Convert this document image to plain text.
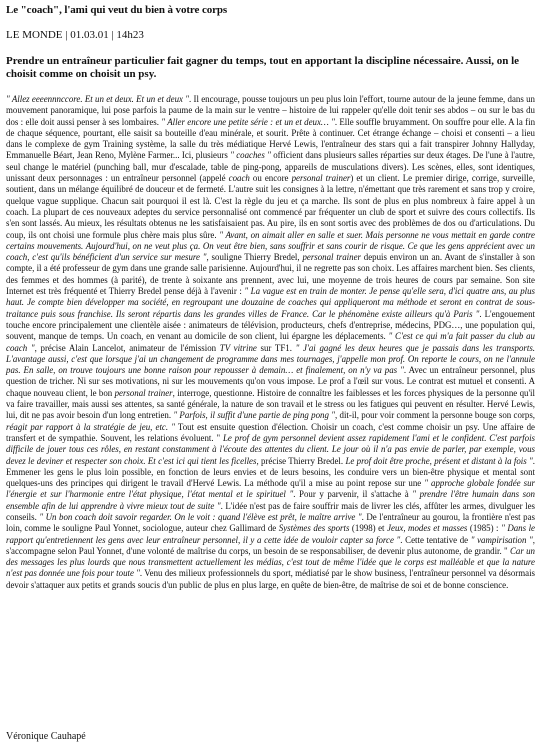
Le "coach", l'ami qui veut du bien à votre corps
LE MONDE | 01.03.01 | 14h23
Prendre un entraîneur particulier fait gagner du temps, tout en apportant la discipline nécessaire. Aussi, on le choisit comme on choisit un psy.

" Allez eeeennnccore. Et un et deux. Et un et deux ". Il encourage, pousse toujours un peu plus loin l'effort, tourne autour de la jeune femme, dans un mouvement panoramique, lui pose parfois la paume de la main sur le ventre – histoire de lui rappeler qu'elle doit tenir ses abdos – ou sur le bas du dos : elle doit aussi penser à ses lombaires. " Aller encore une petite série : et un et deux… ". Elle souffle bruyamment. On souffre pour elle. A la fin de chaque séquence, pourtant, elle saisit sa bouteille d'eau minérale, et sourit. Prête à continuer. Cet étrange échange – choisi et consenti – a lieu dans le complexe de gym Training système, la salle du très médiatique Hervé Lewis, l'entraîneur des stars qui a fait transpirer Johnny Hallyday, Emmanuelle Béart, Jean Reno, Mylène Farmer... Ici, plusieurs " coaches " officient dans plusieurs salles réparties sur deux étages. De l'une à l'autre, seul change le matériel (punching ball, mur d'escalade, table de ping-pong, appareils de musculations divers). Les scènes, elles, sont identiques, unissant deux personnages : un entraîneur personnel (appelé coach ou encore personal trainer) et un client. Le premier dirige, corrige, surveille, soutient, dans un mélange équilibré de douceur et de fermeté. L'autre suit les consignes à la lettre, n'émettant que très rarement et sans trop y croire, quelque vague supplique. Chacun sait pourquoi il est là. C'est la règle du jeu et ça marche. Ils sont de plus en plus nombreux à faire appel à un coach. La plupart de ces nouveaux adeptes du service personnalisé ont commencé par fréquenter un club de sport et suivre des cours collectifs. Ils s'en sont lassés. Au mieux, les résultats obtenus ne les satisfaisaient pas. Au pire, ils en sont sortis avec des problèmes de dos ou d'articulations. Du coup, ils ont choisi une formule plus chère mais plus sûre. " Avant, on aimait aller en salle et suer. Mais personne ne vous mettait en garde contre certains mouvements. Aujourd'hui, on ne veut plus ça. On veut être bien, sans souffrir et sans courir de risque. Ce que les gens apprécient avec un coach, c'est qu'ils bénéficient d'un service sur mesure ", souligne Thierry Bredel, personal trainer depuis environ un an. Avant de s'installer à son compte, il a été professeur de gym dans une grande salle parisienne. Aujourd'hui, il ne regrette pas son choix. Les affaires marchent bien. Ses clients, des femmes et des hommes (à parité), de trente à soixante ans prennent, avec lui, une moyenne de trois heures de cours par semaine. Son site Internet est très fréquenté et Thierry Bredel pense déjà à l'avenir : " La vague est en train de monter. Je pense qu'elle sera, d'ici quatre ans, au plus haut. Je compte bien développer ma société, en regroupant une douzaine de coaches qui appliqueront ma méthode et seront en contrat de sous-traitance puis sous franchise. Ils seront répartis dans les grandes villes de France. Car le phénomène existe ailleurs qu'à Paris ". L'engouement touche encore principalement une clientèle aisée : animateurs de télévision, producteurs, chefs d'entreprise, médecins, PDG…, une population qui, souvent, manque de temps. Un coach, en venant au domicile de son client, lui épargne les déplacements. " C'est ce qui m'a fait passer du club au coach ", précise Alain Lancelot, animateur de l'émission TV vitrine sur TF1. " J'ai gagné les deux heures que je passais dans les transports. L'avantage aussi, c'est que lorsque j'ai un changement de programme dans mes tournages, j'appelle mon prof. On reporte le cours, on ne l'annule pas. En salle, on trouve toujours une bonne raison pour repousser à demain… et finalement, on n'y va pas ". Avec un entraîneur personnel, plus question de tricher. Ni sur ses motivations, ni sur les mouvements qu'on vous impose. Le prof a l'œil sur vous. Le contrat est mutuel et consenti. A chaque nouveau client, le bon personal trainer, interroge, questionne. Histoire de connaître les faiblesses et les forces physiques de la personne qu'il va faire travailler, mais aussi ses attentes, sa santé générale, la nature de son travail et le stress ou les fatigues qui peuvent en résulter. Hervé Lewis, lui, dit ne pas avoir besoin d'un long entretien. " Parfois, il suffit d'une partie de ping pong ", dit-il, pour voir comment la personne bouge son corps, réagit par rapport à la stratégie de jeu, etc. " Tout est ensuite question d'élection. Choisir un coach, c'est comme choisir un psy. Une affaire de transfert et de sympathie. Souvent, les relations évoluent. " Le prof de gym personnel devient assez rapidement l'ami et le confident. C'est parfois difficile de jouer tous ces rôles, en restant constamment à l'écoute des attentes du client. Le jour où il n'a pas envie de parler, par exemple, vous devez le deviner et respecter son choix. Et c'est ici qui tient les ficelles, précise Thierry Bredel. Le prof doit être proche, présent et distant à la fois ". Emmener les gens le plus loin possible, en fonction de leurs envies et de leurs besoins, les conduire vers un bien-être physique et mental sont quelques-uns des principes qui dirigent le travail d'Hervé Lewis. La méthode qu'il a mise au point repose sur une " approche globale fondée sur l'énergie et sur l'harmonie entre l'état physique, l'état mental et le spirituel ". Pour y parvenir, il s'attache à " prendre l'être humain dans son ensemble afin de lui apprendre à vivre mieux tout de suite ". L'idée n'est pas de faire souffrir mais de livrer les clés, affûter les armes, divulguer les conseils. " Un bon coach doit savoir regarder. On le voit : quand l'élève est prêt, le maître arrive ". De l'entraîneur au gourou, la frontière n'est pas loin, comme le souligne Paul Yonnet, sociologue, auteur chez Gallimard de Systèmes des sports (1998) et Jeux, modes et masses (1985) : " Dans le rapport qu'entretiennent les gens avec leur entraîneur personnel, il y a cette idée de vouloir capter sa force ". Cette tentative de " vampirisation ", s'accompagne selon Paul Yonnet, d'une volonté de maîtrise du corps, un besoin de se responsabiliser, de devenir plus autonome, de grandir. " Car un des messages les plus lourds que nous transmettent actuellement les médias, c'est tout de même l'idée que le corps est malléable et que la nature n'est pas donnée une fois pour toute ". Venu des milieux professionnels du sport, médiatisé par le show business, l'entraîneur personnel va désormais devoir s'attaquer aux petits et grands soucis d'un public de plus en plus large, en quête de bien-être, de maîtrise de soi et de bonne conscience.

Véronique Cauhapé
